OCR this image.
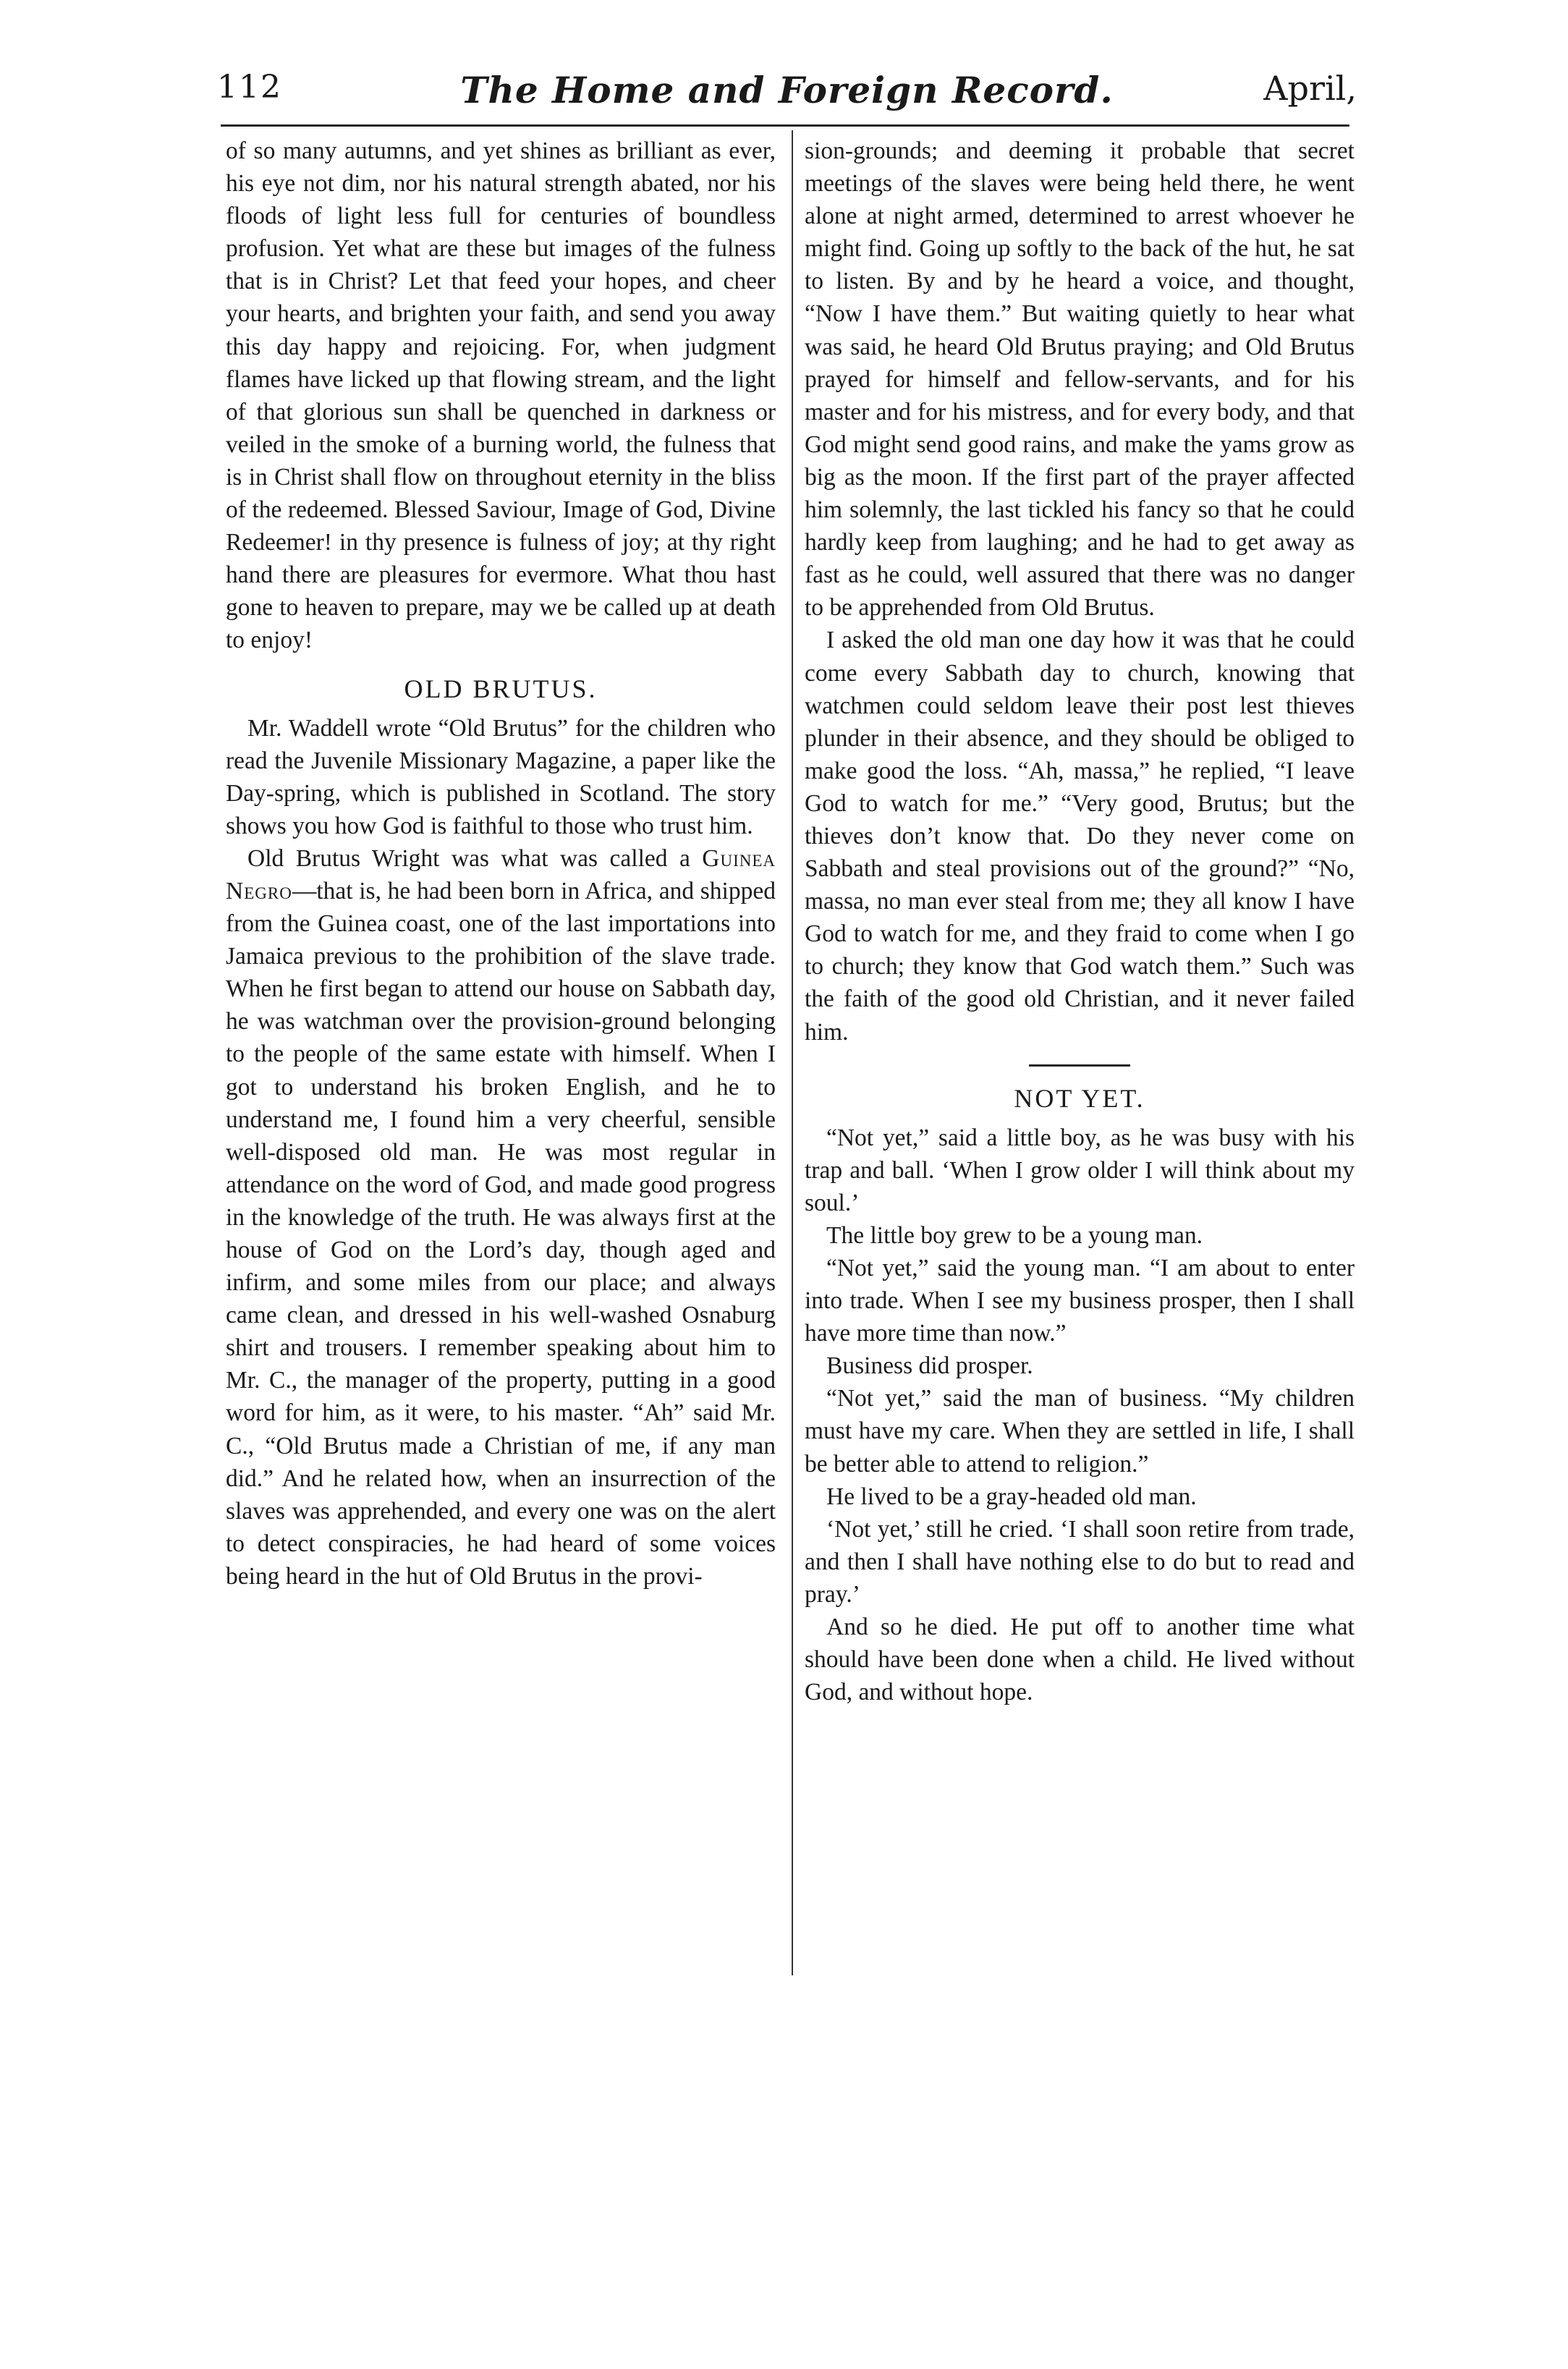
112	The Home and Foreign Record.	April,

of so many autumns, and yet shines as brilliant as ever, his eye not dim, nor his natural strength abated, nor his floods of light less full for centuries of boundless profusion. Yet what are these but images of the fulness that is in Christ? Let that feed your hopes, and cheer your hearts, and brighten your faith, and send you away this day happy and rejoicing. For, when judgment flames have licked up that flowing stream, and the light of that glorious sun shall be quenched in darkness or veiled in the smoke of a burning world, the fulness that is in Christ shall flow on throughout eternity in the bliss of the redeemed. Blessed Saviour, Image of God, Divine Redeemer! in thy presence is fulness of joy; at thy right hand there are pleasures for evermore. What thou hast gone to heaven to prepare, may we be called up at death to enjoy!

OLD BRUTUS.

Mr. Waddell wrote “Old Brutus” for the children who read the Juvenile Missionary Magazine, a paper like the Day-spring, which is published in Scotland. The story shows you how God is faithful to those who trust him.

Old Brutus Wright was what was called a Guinea Negro—that is, he had been born in Africa, and shipped from the Guinea coast, one of the last importations into Jamaica previous to the prohibition of the slave trade. When he first began to attend our house on Sabbath day, he was watchman over the provision-ground belonging to the people of the same estate with himself. When I got to understand his broken English, and he to understand me, I found him a very cheerful, sensible well-disposed old man. He was most regular in attendance on the word of God, and made good progress in the knowledge of the truth. He was always first at the house of God on the Lord’s day, though aged and infirm, and some miles from our place; and always came clean, and dressed in his well-washed Osnaburg shirt and trousers. I remember speaking about him to Mr. C., the manager of the property, putting in a good word for him, as it were, to his master. “Ah” said Mr. C., “Old Brutus made a Christian of me, if any man did.” And he related how, when an insurrection of the slaves was apprehended, and every one was on the alert to detect conspiracies, he had heard of some voices being heard in the hut of Old Brutus in the provi-

sion-grounds; and deeming it probable that secret meetings of the slaves were being held there, he went alone at night armed, determined to arrest whoever he might find. Going up softly to the back of the hut, he sat to listen. By and by he heard a voice, and thought, “Now I have them.” But waiting quietly to hear what was said, he heard Old Brutus praying; and Old Brutus prayed for himself and fellow-servants, and for his master and for his mistress, and for every body, and that God might send good rains, and make the yams grow as big as the moon. If the first part of the prayer affected him solemnly, the last tickled his fancy so that he could hardly keep from laughing; and he had to get away as fast as he could, well assured that there was no danger to be apprehended from Old Brutus.

I asked the old man one day how it was that he could come every Sabbath day to church, knowing that watchmen could seldom leave their post lest thieves plunder in their absence, and they should be obliged to make good the loss. “Ah, massa,” he replied, “I leave God to watch for me.” “Very good, Brutus; but the thieves don’t know that. Do they never come on Sabbath and steal provisions out of the ground?” “No, massa, no man ever steal from me; they all know I have God to watch for me, and they fraid to come when I go to church; they know that God watch them.” Such was the faith of the good old Christian, and it never failed him.

NOT YET.

“Not yet,” said a little boy, as he was busy with his trap and ball. ‘When I grow older I will think about my soul.’

The little boy grew to be a young man.

“Not yet,” said the young man. “I am about to enter into trade. When I see my business prosper, then I shall have more time than now.”

Business did prosper.

“Not yet,” said the man of business. “My children must have my care. When they are settled in life, I shall be better able to attend to religion.”

He lived to be a gray-headed old man.

‘Not yet,’ still he cried. ‘I shall soon retire from trade, and then I shall have nothing else to do but to read and pray.’

And so he died. He put off to another time what should have been done when a child. He lived without God, and without hope.
